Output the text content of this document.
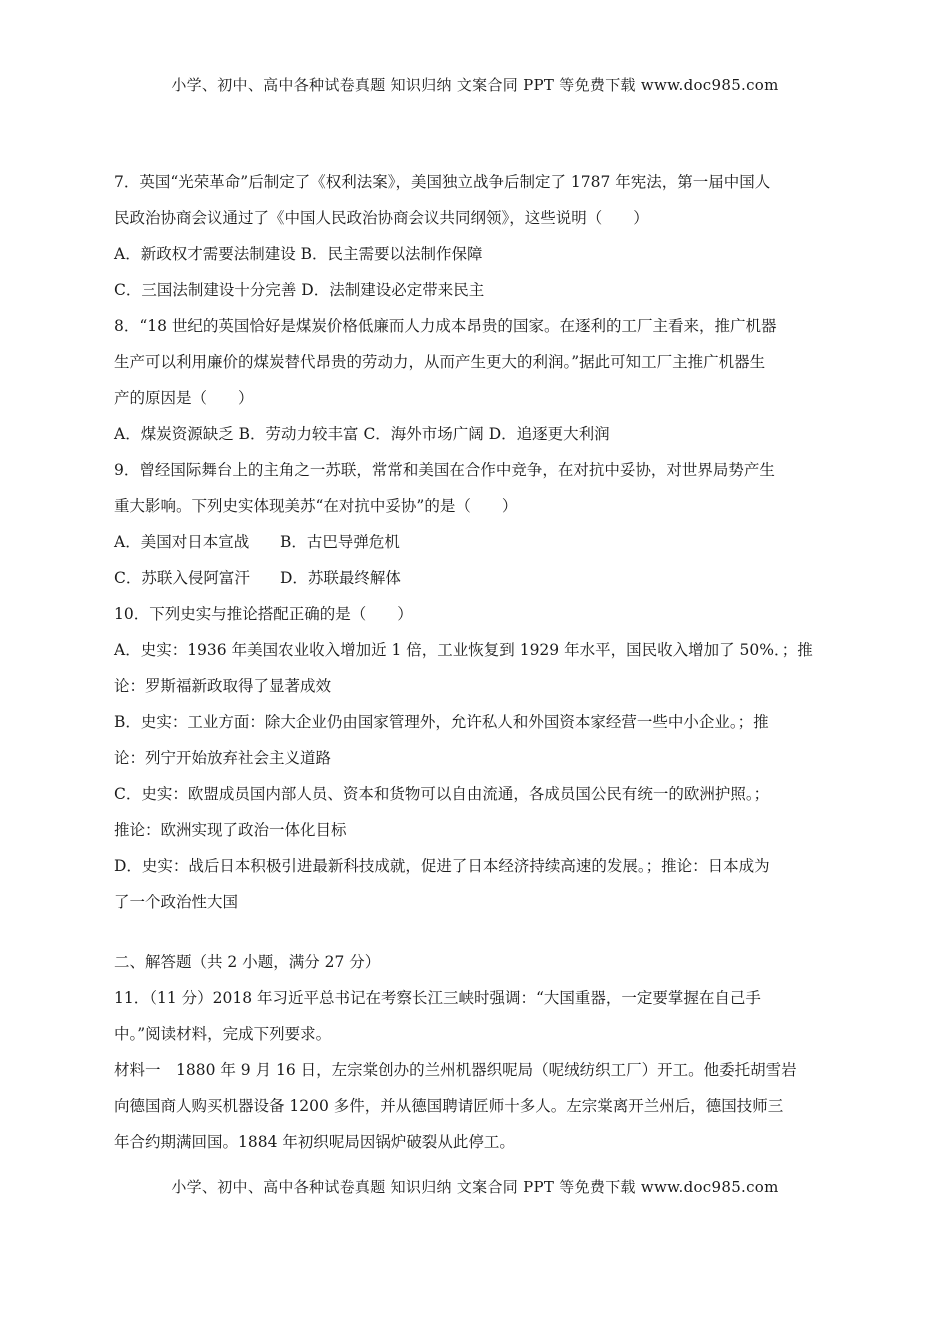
小学、初中、高中各种试卷真题 知识归纳 文案合同 PPT 等免费下载 www.doc985.com
7．英国“光荣革命”后制定了《权利法案》，美国独立战争后制定了 1787 年宪法，第一届中国人
民政治协商会议通过了《中国人民政治协商会议共同纲领》，这些说明（　　）
A．新政权才需要法制建设 B．民主需要以法制作保障
C．三国法制建设十分完善 D．法制建设必定带来民主
8．“18 世纪的英国恰好是煤炭价格低廉而人力成本昂贵的国家。在逐利的工厂主看来，推广机器
生产可以利用廉价的煤炭替代昂贵的劳动力，从而产生更大的利润。”据此可知工厂主推广机器生
产的原因是（　　）
A．煤炭资源缺乏 B．劳动力较丰富 C．海外市场广阔 D．追逐更大利润
9．曾经国际舞台上的主角之一苏联，常常和美国在合作中竞争，在对抗中妥协，对世界局势产生
重大影响。下列史实体现美苏“在对抗中妥协”的是（　　）
A．美国对日本宣战 B．古巴导弹危机
C．苏联入侵阿富汗 D．苏联最终解体
10．下列史实与推论搭配正确的是（　　）
A．史实：1936 年美国农业收入增加近 1 倍，工业恢复到 1929 年水平，国民收入增加了 50%．；推
论：罗斯福新政取得了显著成效
B．史实：工业方面：除大企业仍由国家管理外，允许私人和外国资本家经营一些中小企业。；推
论：列宁开始放弃社会主义道路
C．史实：欧盟成员国内部人员、资本和货物可以自由流通，各成员国公民有统一的欧洲护照。；
推论：欧洲实现了政治一体化目标
D．史实：战后日本积极引进最新科技成就，促进了日本经济持续高速的发展。；推论：日本成为
了一个政治性大国
二、解答题（共 2 小题，满分 27 分）
11．（11 分）2018 年习近平总书记在考察长江三峡时强调：“大国重器，一定要掌握在自己手
中。”阅读材料，完成下列要求。
材料一　1880 年 9 月 16 日，左宗棠创办的兰州机器织呢局（呢绒纺织工厂）开工。他委托胡雪岩
向德国商人购买机器设备 1200 多件，并从德国聘请匠师十多人。左宗棠离开兰州后，德国技师三
年合约期满回国。1884 年初织呢局因锅炉破裂从此停工。
小学、初中、高中各种试卷真题 知识归纳 文案合同 PPT 等免费下载 www.doc985.com
